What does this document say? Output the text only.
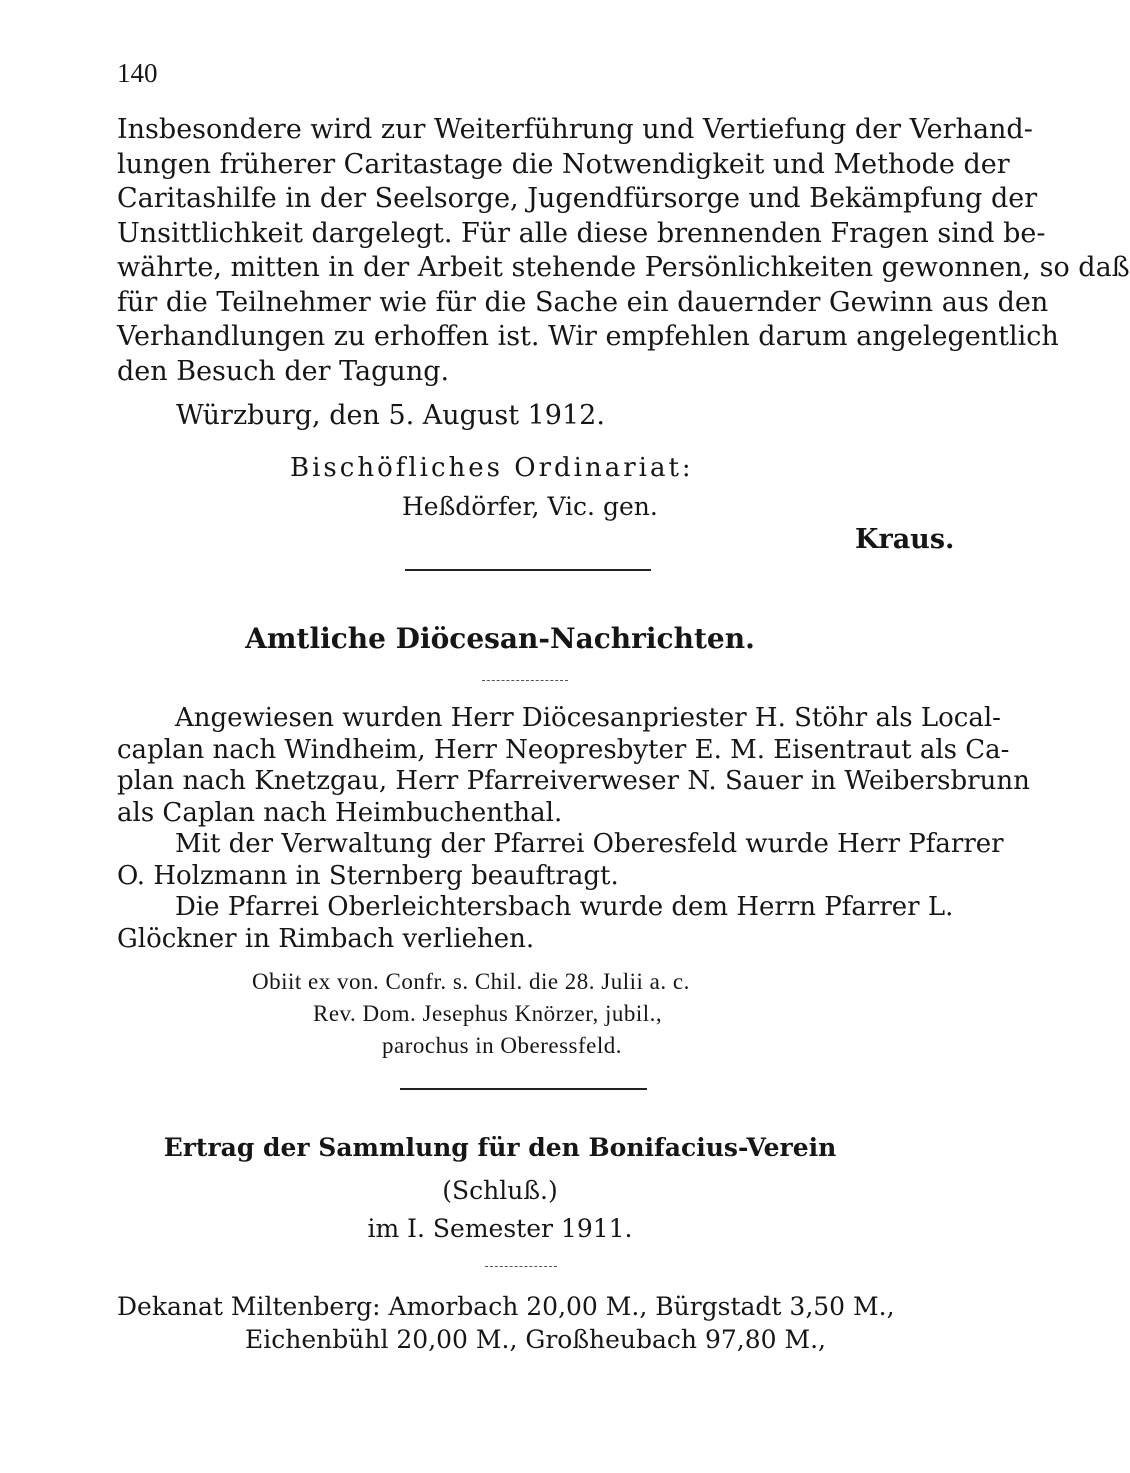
140
Insbesondere wird zur Weiterführung und Vertiefung der Verhand-
lungen früherer Caritastage die Notwendigkeit und Methode der
Caritashilfe in der Seelsorge, Jugendfürsorge und Bekämpfung der
Unsittlichkeit dargelegt. Für alle diese brennenden Fragen sind be-
währte, mitten in der Arbeit stehende Persönlichkeiten gewonnen, so daß
für die Teilnehmer wie für die Sache ein dauernder Gewinn aus den
Verhandlungen zu erhoffen ist. Wir empfehlen darum angelegentlich
den Besuch der Tagung.
Würzburg, den 5. August 1912.
Bischöfliches Ordinariat:
Heßdörfer, Vic. gen.
Kraus.
Amtliche Diöcesan-Nachrichten.
Angewiesen wurden Herr Diöcesanpriester H. Stöhr als Local-
caplan nach Windheim, Herr Neopresbyter E. M. Eisentraut als Ca-
plan nach Knetzgau, Herr Pfarreiverweser N. Sauer in Weibersbrunn
als Caplan nach Heimbuchenthal.
Mit der Verwaltung der Pfarrei Oberesfeld wurde Herr Pfarrer
O. Holzmann in Sternberg beauftragt.
Die Pfarrei Oberleichtersbach wurde dem Herrn Pfarrer L.
Glöckner in Rimbach verliehen.
Obiit ex von. Confr. s. Chil. die 28. Julii a. c.
Rev. Dom. Jesephus Knörzer, jubil.,
parochus in Oberessfeld.
Ertrag der Sammlung für den Bonifacius-Verein
(Schluß.)
im I. Semester 1911.
Dekanat Miltenberg: Amorbach 20,00 M., Bürgstadt 3,50 M.,
Eichenbühl 20,00 M., Großheubach 97,80 M.,
